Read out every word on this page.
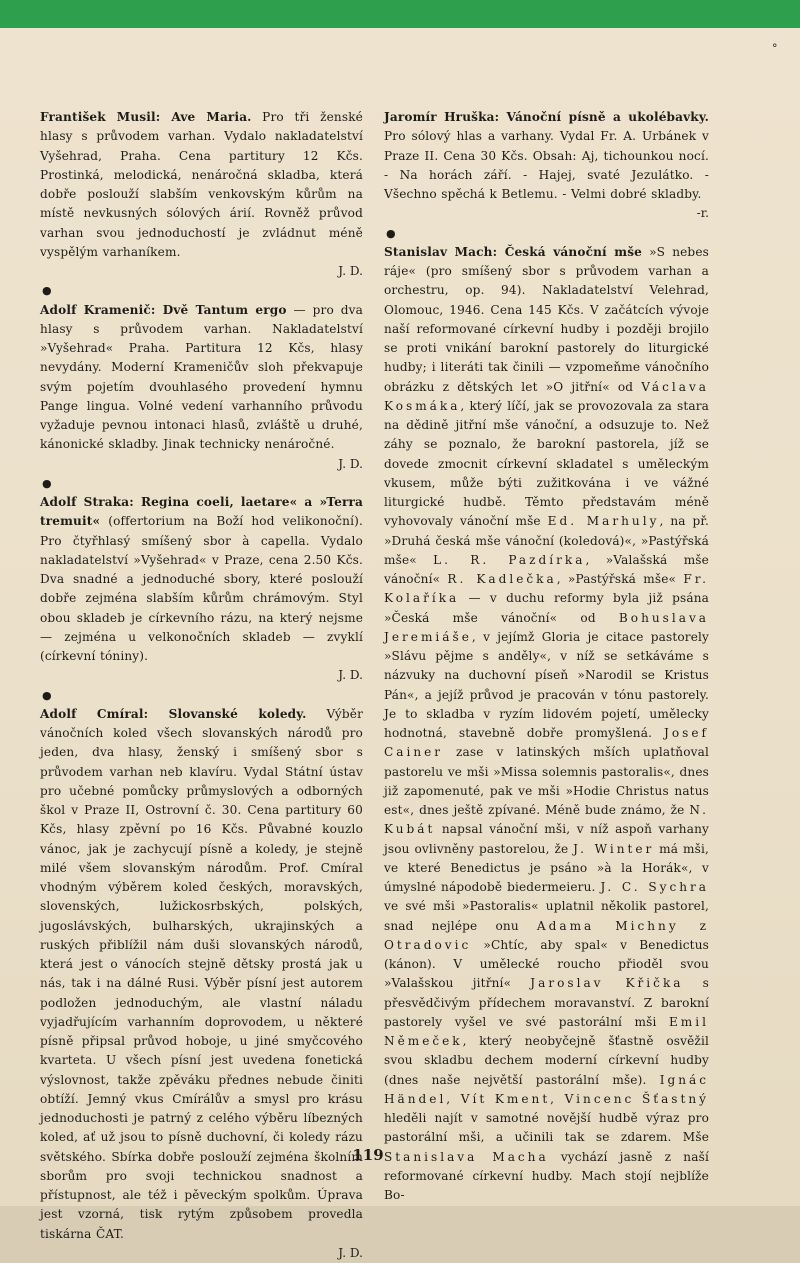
°

František Musil: Ave Maria. Pro tři ženské hlasy s průvodem varhan. Vydalo nakladatelství Vyšehrad, Praha. Cena partitury 12 Kčs. Prostinká, melodická, nenáročná skladba, která dobře poslouží slabším venkovským kůrům na místě nevkusných sólových árií. Rovněž průvod varhan svou jednoduchostí je zvládnut méně vyspělým varhaníkem.

J. D.
●

Adolf Kramenič: Dvě Tantum ergo — pro dva hlasy s průvodem varhan. Nakladatelství »Vyšehrad« Praha. Partitura 12 Kčs, hlasy nevydány. Moderní Krameničův sloh překvapuje svým pojetím dvouhlasého provedení hymnu Pange lingua. Volné vedení varhanního průvodu vyžaduje pevnou intonaci hlasů, zvláště u druhé, kánonické skladby. Jinak technicky nenáročné.

J. D.
●

Adolf Straka: Regina coeli, laetare« a »Terra tremuit« (offertorium na Boží hod velikonoční). Pro čtyřhlasý smíšený sbor à capella. Vydalo nakladatelství »Vyšehrad« v Praze, cena 2.50 Kčs. Dva snadné a jednoduché sbory, které poslouží dobře zejména slabším kůrům chrámovým. Styl obou skladeb je církevního rázu, na který nejsme — zejména u velkonočních skladeb — zvyklí (církevní tóniny).

J. D.
●

Adolf Cmíral: Slovanské koledy. Výběr vánočních koled všech slovanských národů pro jeden, dva hlasy, ženský i smíšený sbor s průvodem varhan neb klavíru. Vydal Státní ústav pro učebné pomůcky průmyslových a odborných škol v Praze II, Ostrovní č. 30. Cena partitury 60 Kčs, hlasy zpěvní po 16 Kčs. Půvabné kouzlo vánoc, jak je zachycují písně a koledy, je stejně milé všem slovanským národům. Prof. Cmíral vhodným výběrem koled českých, moravských, slovenských, lužickosrbských, polských, jugoslávských, bulharských, ukrajinských a ruských přiblížil nám duši slovanských národů, která jest o vánocích stejně dětsky prostá jak u nás, tak i na dálné Rusi. Výběr písní jest autorem podložen jednoduchým, ale vlastní náladu vyjadřujícím varhanním doprovodem, u některé písně připsal průvod hoboje, u jiné smyčcového kvarteta. U všech písní jest uvedena fonetická výslovnost, takže zpěváku přednes nebude činiti obtíží. Jemný vkus Cmírálův a smysl pro krásu jednoduchosti je patrný z celého výběru líbezných koled, ať už jsou to písně duchovní, či koledy rázu světského. Sbírka dobře poslouží zejména školním sborům pro svoji technickou snadnost a přístupnost, ale též i pěveckým spolkům. Úprava jest vzorná, tisk rytým způsobem provedla tiskárna ČAT.

J. D.

Jaromír Hruška: Vánoční písně a ukolébavky. Pro sólový hlas a varhany. Vydal Fr. A. Urbánek v Praze II. Cena 30 Kčs. Obsah: Aj, tichounkou nocí. - Na horách září. - Hajej, svaté Jezulátko. - Všechno spěchá k Betlemu. - Velmi dobré skladby.

-r.
●

Stanislav Mach: Česká vánoční mše »S nebes ráje« (pro smíšený sbor s průvodem varhan a orchestru, op. 94). Nakladatelství Velehrad, Olomouc, 1946. Cena 145 Kčs. V začátcích vývoje naší reformované církevní hudby i později brojilo se proti vnikání barokní pastorely do liturgické hudby; i literáti tak činili — vzpomeňme vánočního obrázku z dětských let »O jitřní« od Václava Kosmáka, který líčí, jak se provozovala za stara na dědině jitřní mše vánoční, a odsuzuje to. Než záhy se poznalo, že barokní pastorela, jíž se dovede zmocnit církevní skladatel s uměleckým vkusem, může býti zužitkována i ve vážné liturgické hudbě. Těmto představám méně vyhovovaly vánoční mše Ed. Marhuly, na př. »Druhá česká mše vánoční (koledová)«, »Pastýřská mše« L. R. Pazdírka, »Valašská mše vánoční« R. Kadlečka, »Pastýřská mše« Fr. Kolaříka — v duchu reformy byla již psána »Česká mše vánoční« od Bohuslava Jeremiáše, v jejímž Gloria je citace pastorely »Slávu pějme s anděly«, v níž se setkáváme s názvuky na duchovní píseň »Narodil se Kristus Pán«, a jejíž průvod je pracován v tónu pastorely. Je to skladba v ryzím lidovém pojetí, umělecky hodnotná, stavebně dobře promyšlená. Josef Cainer zase v latinských mších uplatňoval pastorelu ve mši »Missa solemnis pastoralis«, dnes již zapomenuté, pak ve mši »Hodie Christus natus est«, dnes ještě zpívané. Méně bude známo, že N. Kubát napsal vánoční mši, v níž aspoň varhany jsou ovlivněny pastorelou, že J. Winter má mši, ve které Benedictus je psáno »à la Horák«, v úmyslné nápodobě biedermeieru. J. C. Sychra ve své mši »Pastoralis« uplatnil několik pastorel, snad nejlépe onu Adama Michny z Otradovic »Chtíc, aby spal« v Benedictus (kánon). V umělecké roucho přioděl svou »Valašskou jitřní« Jaroslav Křička s přesvědčivým přídechem moravanství. Z barokní pastorely vyšel ve své pastorální mši Emil Němeček, který neobyčejně šťastně osvěžil svou skladbu dechem moderní církevní hudby (dnes naše největší pastorální mše). Ignác Händel, Vít Kment, Vincenc Šťastný hleděli najít v samotné novější hudbě výraz pro pastorální mši, a učinili tak se zdarem. Mše Stanislava Macha vychází jasně z naší reformované církevní hudby. Mach stojí nejblíže Bo-

119
